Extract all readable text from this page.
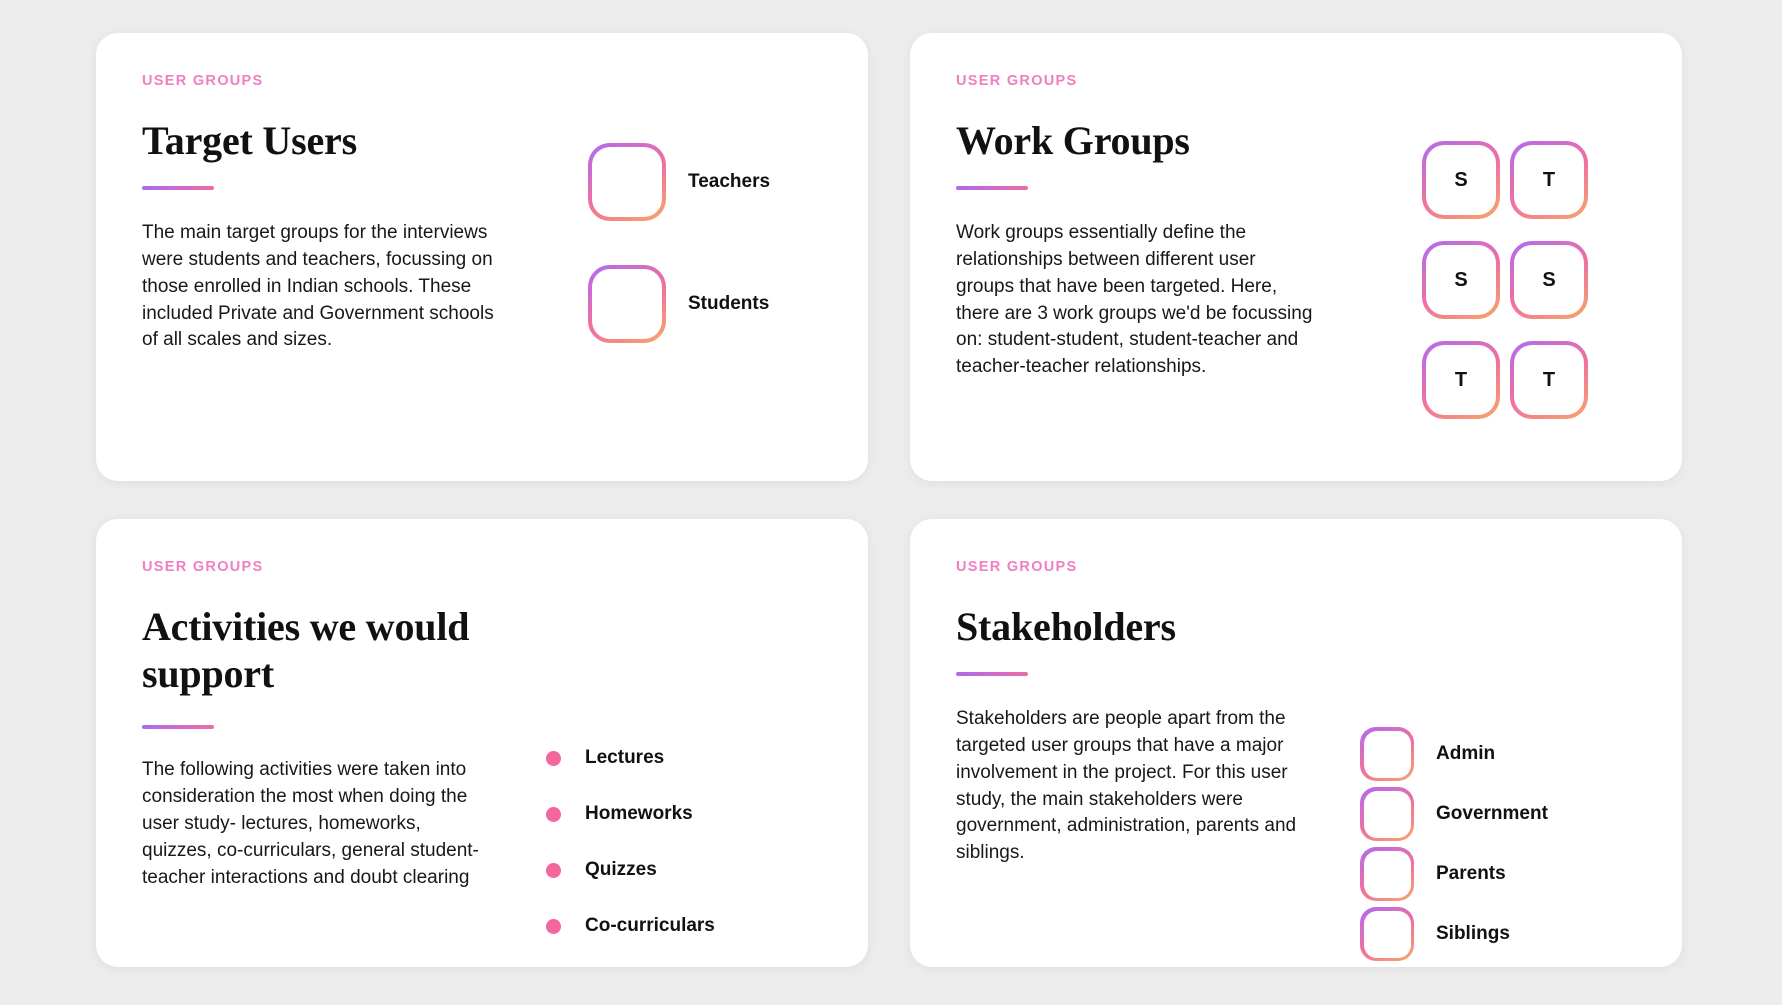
USER GROUPS

Target Users

The main target groups for the interviews were students and teachers, focussing on those enrolled in Indian schools. These included Private and Government schools of all scales and sizes.

Teachers
Students

USER GROUPS

Work Groups

Work groups essentially define the relationships between different user groups that have been targeted. Here, there are 3 work groups we'd be focussing on: student-student, student-teacher and teacher-teacher relationships.

S	T
S	S
T	T

USER GROUPS

Activities we would support

The following activities were taken into consideration the most when doing the user study- lectures, homeworks, quizzes, co-curriculars, general student-teacher interactions and doubt clearing

Lectures
Homeworks
Quizzes
Co-curriculars

USER GROUPS

Stakeholders

Stakeholders are people apart from the targeted user groups that have a major involvement in the project. For this user study, the main stakeholders were government, administration, parents and siblings.

Admin
Government
Parents
Siblings
